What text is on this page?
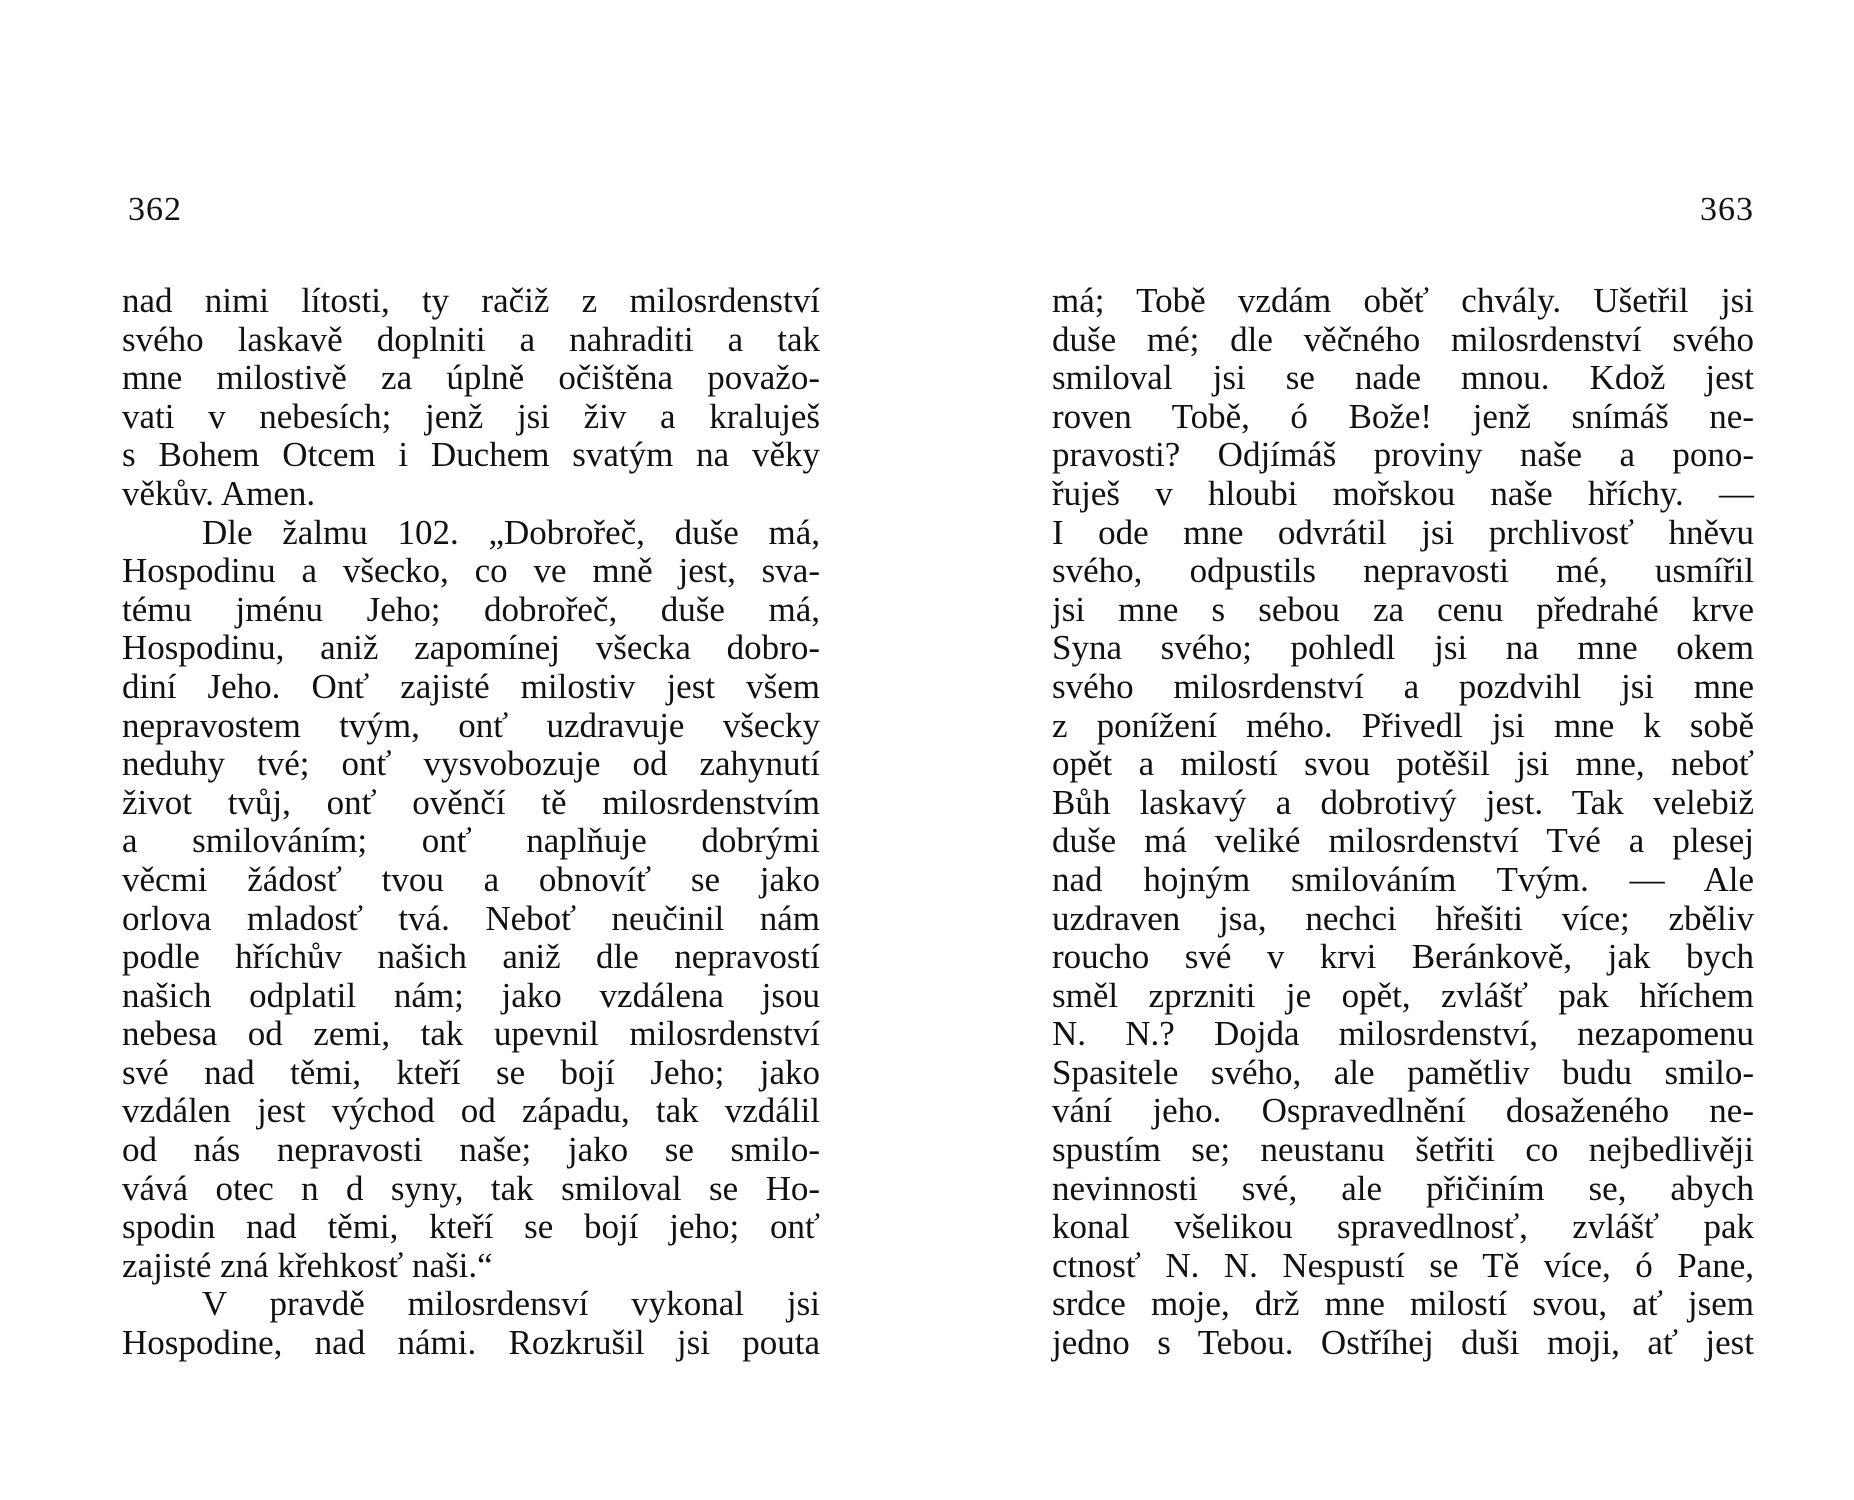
362
nad nimi lítosti, ty račiž z milosrdenství
svého laskavě doplniti a nahraditi a tak
mne milostivě za úplně očištěna považo-
vati v nebesích; jenž jsi živ a kraluješ
s Bohem Otcem i Duchem svatým na věky
věkův. Amen.
Dle žalmu 102. „Dobrořeč, duše má,
Hospodinu a všecko, co ve mně jest, sva-
tému jménu Jeho; dobrořeč, duše má,
Hospodinu, aniž zapomínej všecka dobro-
diní Jeho. Onť zajisté milostiv jest všem
nepravostem tvým, onť uzdravuje všecky
neduhy tvé; onť vysvobozuje od zahynutí
život tvůj, onť ověnčí tě milosrdenstvím
a smilováním; onť naplňuje dobrými
věcmi žádosť tvou a obnovíť se jako
orlova mladosť tvá. Neboť neučinil nám
podle hříchův našich aniž dle nepravostí
našich odplatil nám; jako vzdálena jsou
nebesa od zemi, tak upevnil milosrdenství
své nad těmi, kteří se bojí Jeho; jako
vzdálen jest východ od západu, tak vzdálil
od nás nepravosti naše; jako se smilo-
vává otec n d syny, tak smiloval se Ho-
spodin nad těmi, kteří se bojí jeho; onť
zajisté zná křehkosť naši.“
V pravdě milosrdensví vykonal jsi
Hospodine, nad námi. Rozkrušil jsi pouta
363
má; Tobě vzdám oběť chvály. Ušetřil jsi
duše mé; dle věčného milosrdenství svého
smiloval jsi se nade mnou. Kdož jest
roven Tobě, ó Bože! jenž snímáš ne-
pravosti? Odjímáš proviny naše a pono-
řuješ v hloubi mořskou naše hříchy. —
I ode mne odvrátil jsi prchlivosť hněvu
svého, odpustils nepravosti mé, usmířil
jsi mne s sebou za cenu předrahé krve
Syna svého; pohledl jsi na mne okem
svého milosrdenství a pozdvihl jsi mne
z ponížení mého. Přivedl jsi mne k sobě
opět a milostí svou potěšil jsi mne, neboť
Bůh laskavý a dobrotivý jest. Tak velebiž
duše má veliké milosrdenství Tvé a plesej
nad hojným smilováním Tvým. — Ale
uzdraven jsa, nechci hřešiti více; zběliv
roucho své v krvi Beránkově, jak bych
směl zprzniti je opět, zvlášť pak hříchem
N. N.? Dojda milosrdenství, nezapomenu
Spasitele svého, ale pamětliv budu smilo-
vání jeho. Ospravedlnění dosaženého ne-
spustím se; neustanu šetřiti co nejbedlivěji
nevinnosti své, ale přičiním se, abych
konal všelikou spravedlnosť, zvlášť pak
ctnosť N. N. Nespustí se Tě více, ó Pane,
srdce moje, drž mne milostí svou, ať jsem
jedno s Tebou. Ostříhej duši moji, ať jest
